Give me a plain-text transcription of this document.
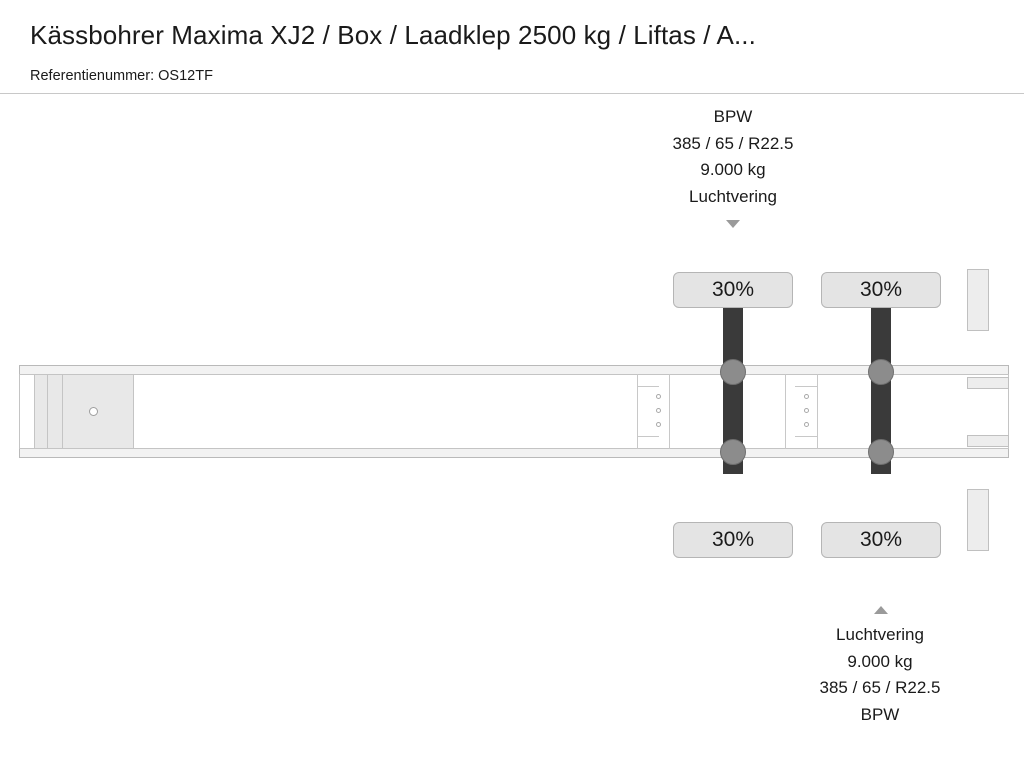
Kässbohrer Maxima XJ2 / Box / Laadklep 2500 kg / Liftas / A...
Referentienummer: OS12TF
BPW
385 / 65 / R22.5
9.000 kg
Luchtvering
Luchtvering
9.000 kg
385 / 65 / R22.5
BPW
30%
30%
30%
30%
